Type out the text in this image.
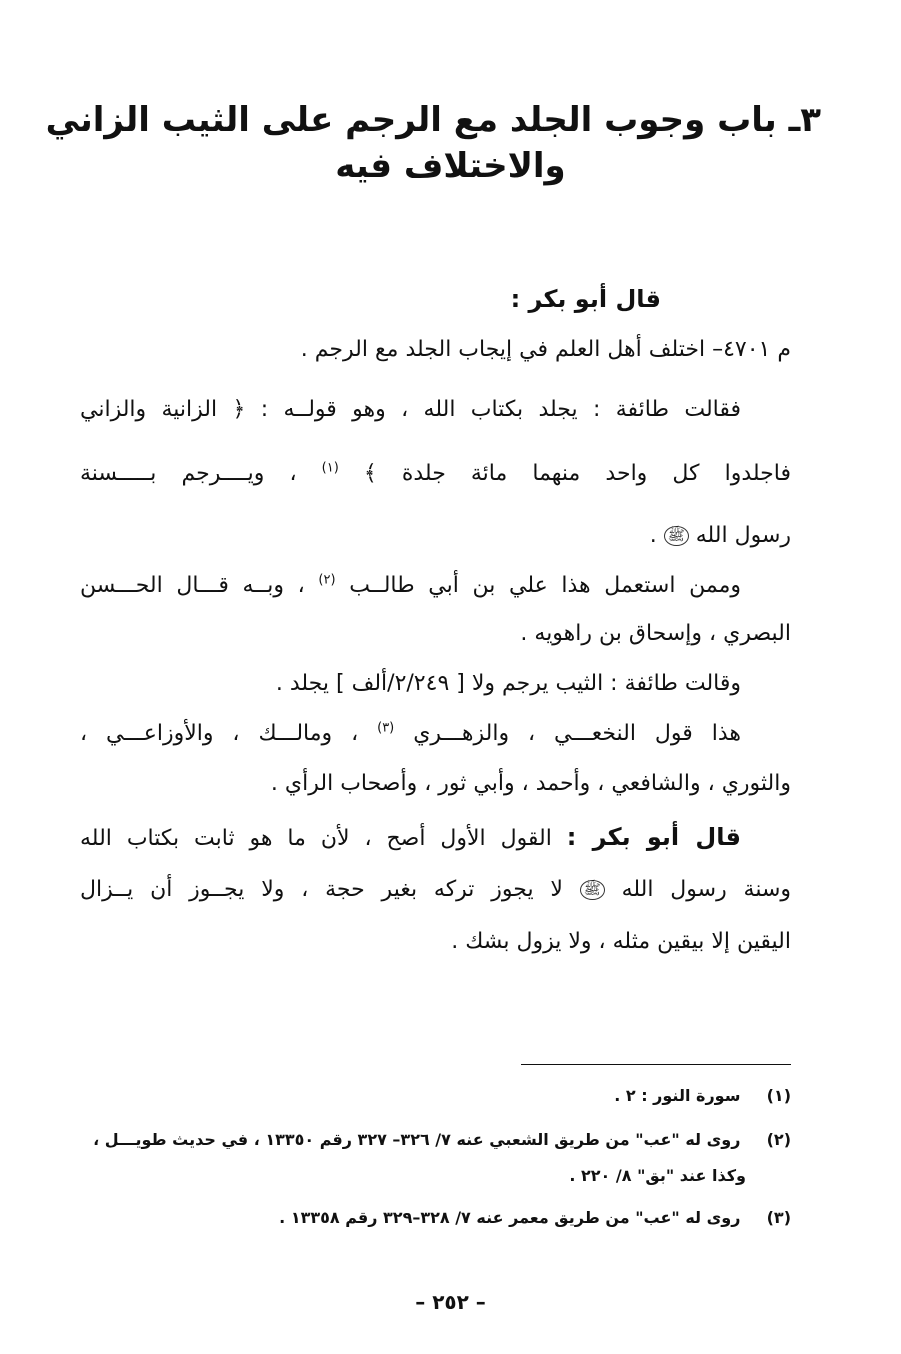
٣ـ باب وجوب الجلد مع الرجم على الثيب الزاني
والاختلاف فيه
قال أبو بكر :
م ٤٧٠١– اختلف أهل العلم في إيجاب الجلد مع الرجم .
فقالت طائفة : يجلد بكتاب الله ، وهو قولــه : ﴿ الزانية والزاني
فاجلدوا كل واحد منهما مائة جلدة ﴾ $^{(١)}$ ، ويــــرجم بـــــسنة
رسول الله ﷺ .
وممن استعمل هذا علي بن أبي طالــب $^{(٢)}$ ، وبــه قـــال الحـــسن
البصري ، وإسحاق بن راهويه .
وقالت طائفة : الثيب يرجم ولا [ ٢/٢٤٩/ألف ] يجلد .
هذا قول النخعـــي ، والزهـــري $^{(٣)}$ ، ومالـــك ، والأوزاعـــي ،
والثوري ، والشافعي ، وأحمد ، وأبي ثور ، وأصحاب الرأي .
قال أبو بكر : القول الأول أصح ، لأن ما هو ثابت بكتاب الله
وسنة رسول الله ﷺ لا يجوز تركه بغير حجة ، ولا يجــوز أن يــزال
اليقين إلا بيقين مثله ، ولا يزول بشك .
(١) سورة النور : ٢ .
(٢) روى له "عب" من طريق الشعبي عنه ٧/ ٣٢٦– ٣٢٧ رقم ١٣٣٥٠ ، في حديث طويـــل ،
وكذا عند "بق" ٨/ ٢٢٠ .
(٣) روى له "عب" من طريق معمر عنه ٧/ ٣٢٨–٣٢٩ رقم ١٣٣٥٨ .
– ٢٥٢ –
